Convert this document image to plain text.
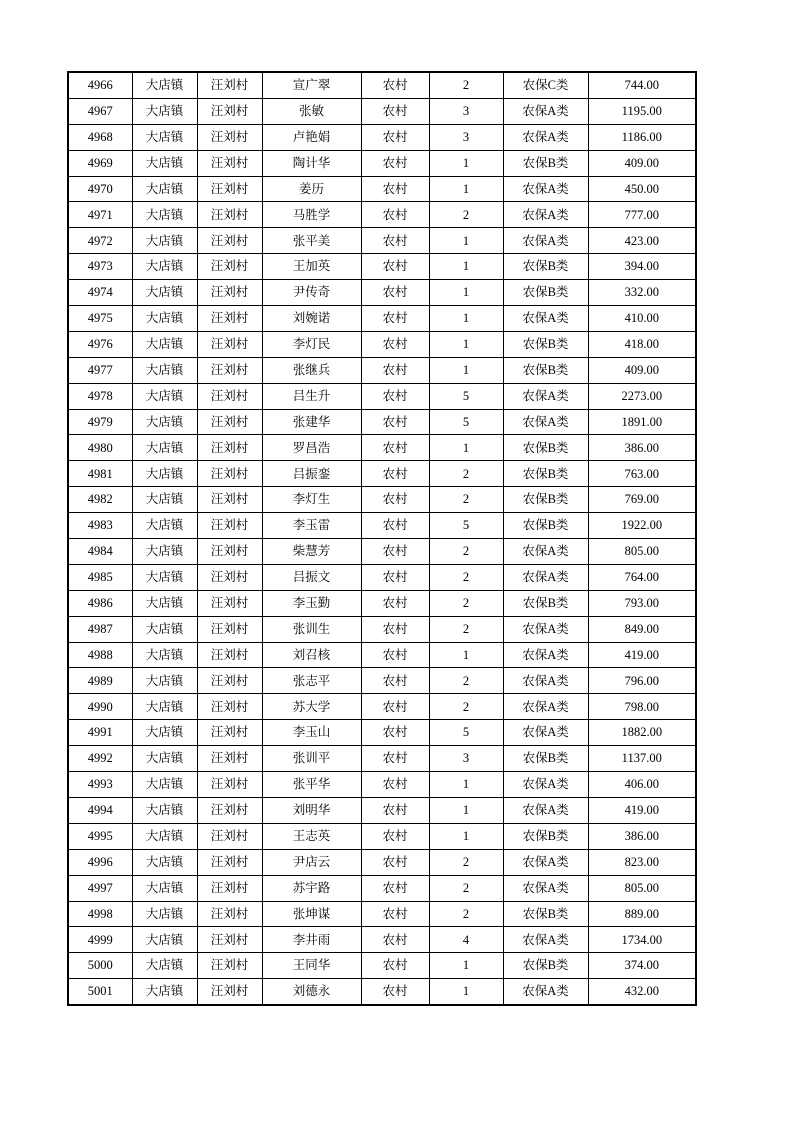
4966	大店镇	汪刘村	宣广翠	农村	2	农保C类	744.00
4967	大店镇	汪刘村	张敏	农村	3	农保A类	1195.00
4968	大店镇	汪刘村	卢艳娟	农村	3	农保A类	1186.00
4969	大店镇	汪刘村	陶计华	农村	1	农保B类	409.00
4970	大店镇	汪刘村	姜历	农村	1	农保A类	450.00
4971	大店镇	汪刘村	马胜学	农村	2	农保A类	777.00
4972	大店镇	汪刘村	张平美	农村	1	农保A类	423.00
4973	大店镇	汪刘村	王加英	农村	1	农保B类	394.00
4974	大店镇	汪刘村	尹传奇	农村	1	农保B类	332.00
4975	大店镇	汪刘村	刘婉诺	农村	1	农保A类	410.00
4976	大店镇	汪刘村	李灯民	农村	1	农保B类	418.00
4977	大店镇	汪刘村	张继兵	农村	1	农保B类	409.00
4978	大店镇	汪刘村	吕生升	农村	5	农保A类	2273.00
4979	大店镇	汪刘村	张建华	农村	5	农保A类	1891.00
4980	大店镇	汪刘村	罗昌浩	农村	1	农保B类	386.00
4981	大店镇	汪刘村	吕振銮	农村	2	农保B类	763.00
4982	大店镇	汪刘村	李灯生	农村	2	农保B类	769.00
4983	大店镇	汪刘村	李玉雷	农村	5	农保B类	1922.00
4984	大店镇	汪刘村	柴慧芳	农村	2	农保A类	805.00
4985	大店镇	汪刘村	吕振文	农村	2	农保A类	764.00
4986	大店镇	汪刘村	李玉勤	农村	2	农保B类	793.00
4987	大店镇	汪刘村	张训生	农村	2	农保A类	849.00
4988	大店镇	汪刘村	刘召核	农村	1	农保A类	419.00
4989	大店镇	汪刘村	张志平	农村	2	农保A类	796.00
4990	大店镇	汪刘村	苏大学	农村	2	农保A类	798.00
4991	大店镇	汪刘村	李玉山	农村	5	农保A类	1882.00
4992	大店镇	汪刘村	张训平	农村	3	农保B类	1137.00
4993	大店镇	汪刘村	张平华	农村	1	农保A类	406.00
4994	大店镇	汪刘村	刘明华	农村	1	农保A类	419.00
4995	大店镇	汪刘村	王志英	农村	1	农保B类	386.00
4996	大店镇	汪刘村	尹店云	农村	2	农保A类	823.00
4997	大店镇	汪刘村	苏宇路	农村	2	农保A类	805.00
4998	大店镇	汪刘村	张坤谋	农村	2	农保B类	889.00
4999	大店镇	汪刘村	李井雨	农村	4	农保A类	1734.00
5000	大店镇	汪刘村	王同华	农村	1	农保B类	374.00
5001	大店镇	汪刘村	刘德永	农村	1	农保A类	432.00
